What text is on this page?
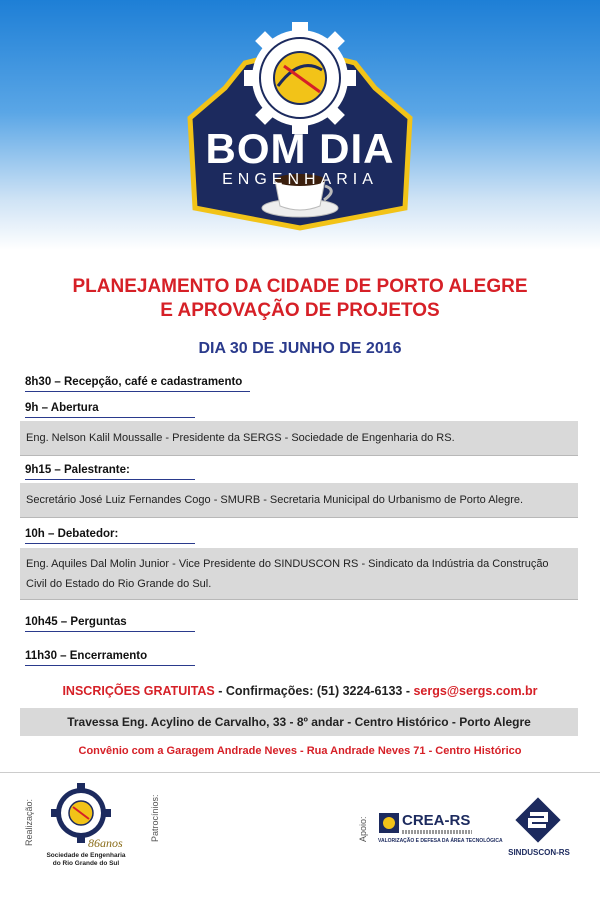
BOM DIA
ENGENHARIA
PLANEJAMENTO DA CIDADE DE PORTO ALEGRE
E APROVAÇÃO DE PROJETOS
DIA 30 DE JUNHO DE 2016
8h30 – Recepção, café e cadastramento
9h – Abertura
Eng. Nelson Kalil Moussalle - Presidente da SERGS - Sociedade de Engenharia do RS.
9h15 – Palestrante:
Secretário José Luiz Fernandes Cogo - SMURB - Secretaria Municipal do Urbanismo de Porto Alegre.
10h – Debatedor:
Eng. Aquiles Dal Molin Junior - Vice Presidente do SINDUSCON RS - Sindicato da Indústria da Construção
Civil do Estado do Rio Grande do Sul.
10h45 – Perguntas
11h30 – Encerramento
INSCRIÇÕES GRATUITAS - Confirmações: (51) 3224-6133 - sergs@sergs.com.br
Travessa Eng. Acylino de Carvalho, 33 - 8º andar - Centro Histórico - Porto Alegre
Convênio com a Garagem Andrade Neves - Rua Andrade Neves 71 - Centro Histórico
Realização:	86anos
Sociedade de Engenharia
do Rio Grande do Sul
Patrocínios:	Apoio: CREA-RS
VALORIZAÇÃO E DEFESA DA ÁREA TECNOLÓGICA
SINDUSCON-RS
